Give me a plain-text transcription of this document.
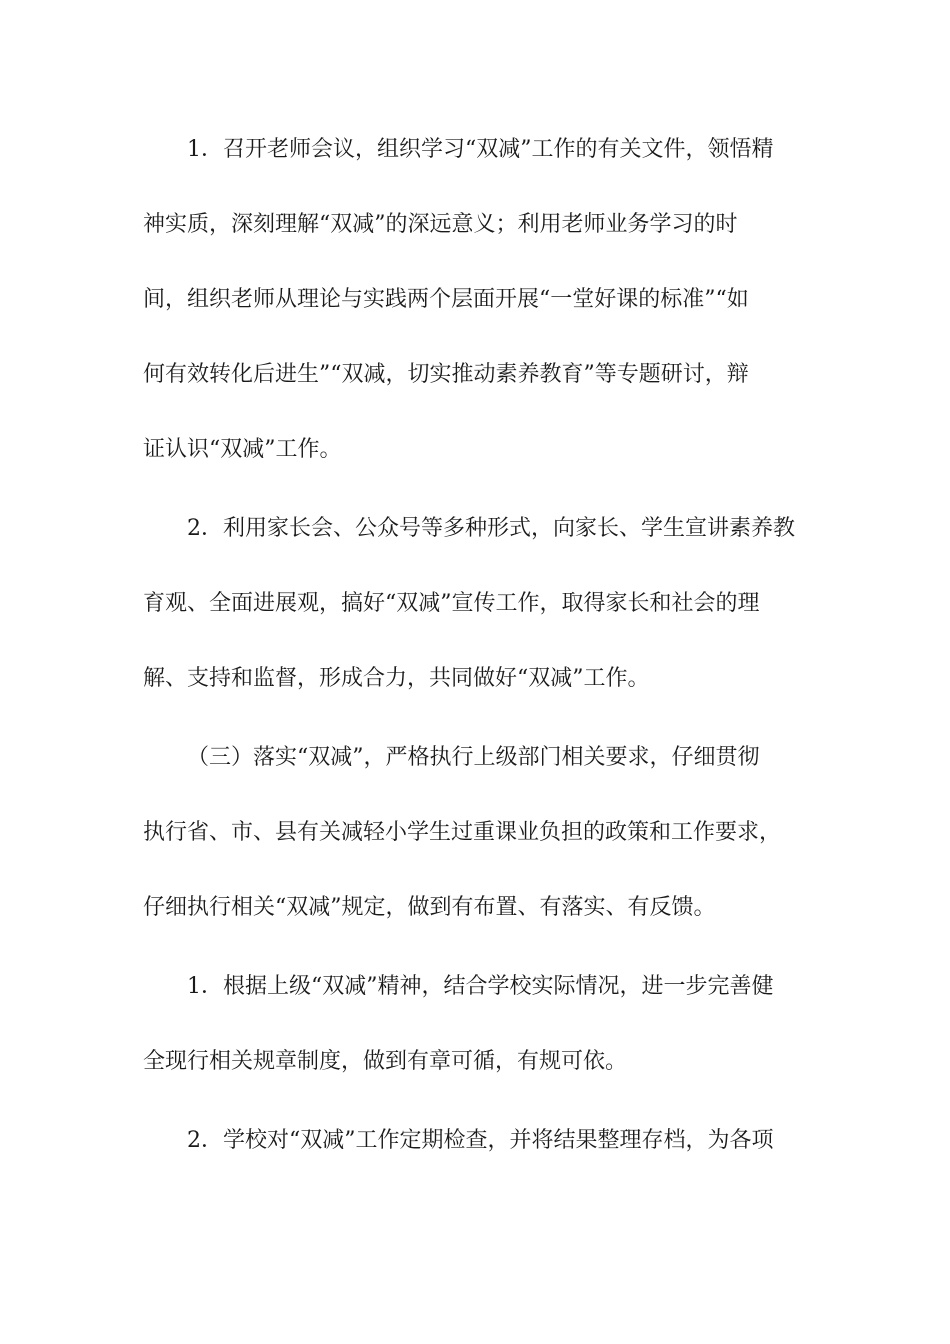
1．召开老师会议，组织学习“双减”工作的有关文件，领悟精
神实质，深刻理解“双减”的深远意义；利用老师业务学习的时
间，组织老师从理论与实践两个层面开展“一堂好课的标准”“如
何有效转化后进生”“双减，切实推动素养教育”等专题研讨，辩
证认识“双减”工作。
2．利用家长会、公众号等多种形式，向家长、学生宣讲素养教
育观、全面进展观，搞好“双减”宣传工作，取得家长和社会的理
解、支持和监督，形成合力，共同做好“双减”工作。
（三）落实“双减”，严格执行上级部门相关要求，仔细贯彻
执行省、市、县有关减轻小学生过重课业负担的政策和工作要求，
仔细执行相关“双减”规定，做到有布置、有落实、有反馈。
1．根据上级“双减”精神，结合学校实际情况，进一步完善健
全现行相关规章制度，做到有章可循，有规可依。
2．学校对“双减”工作定期检查，并将结果整理存档，为各项
